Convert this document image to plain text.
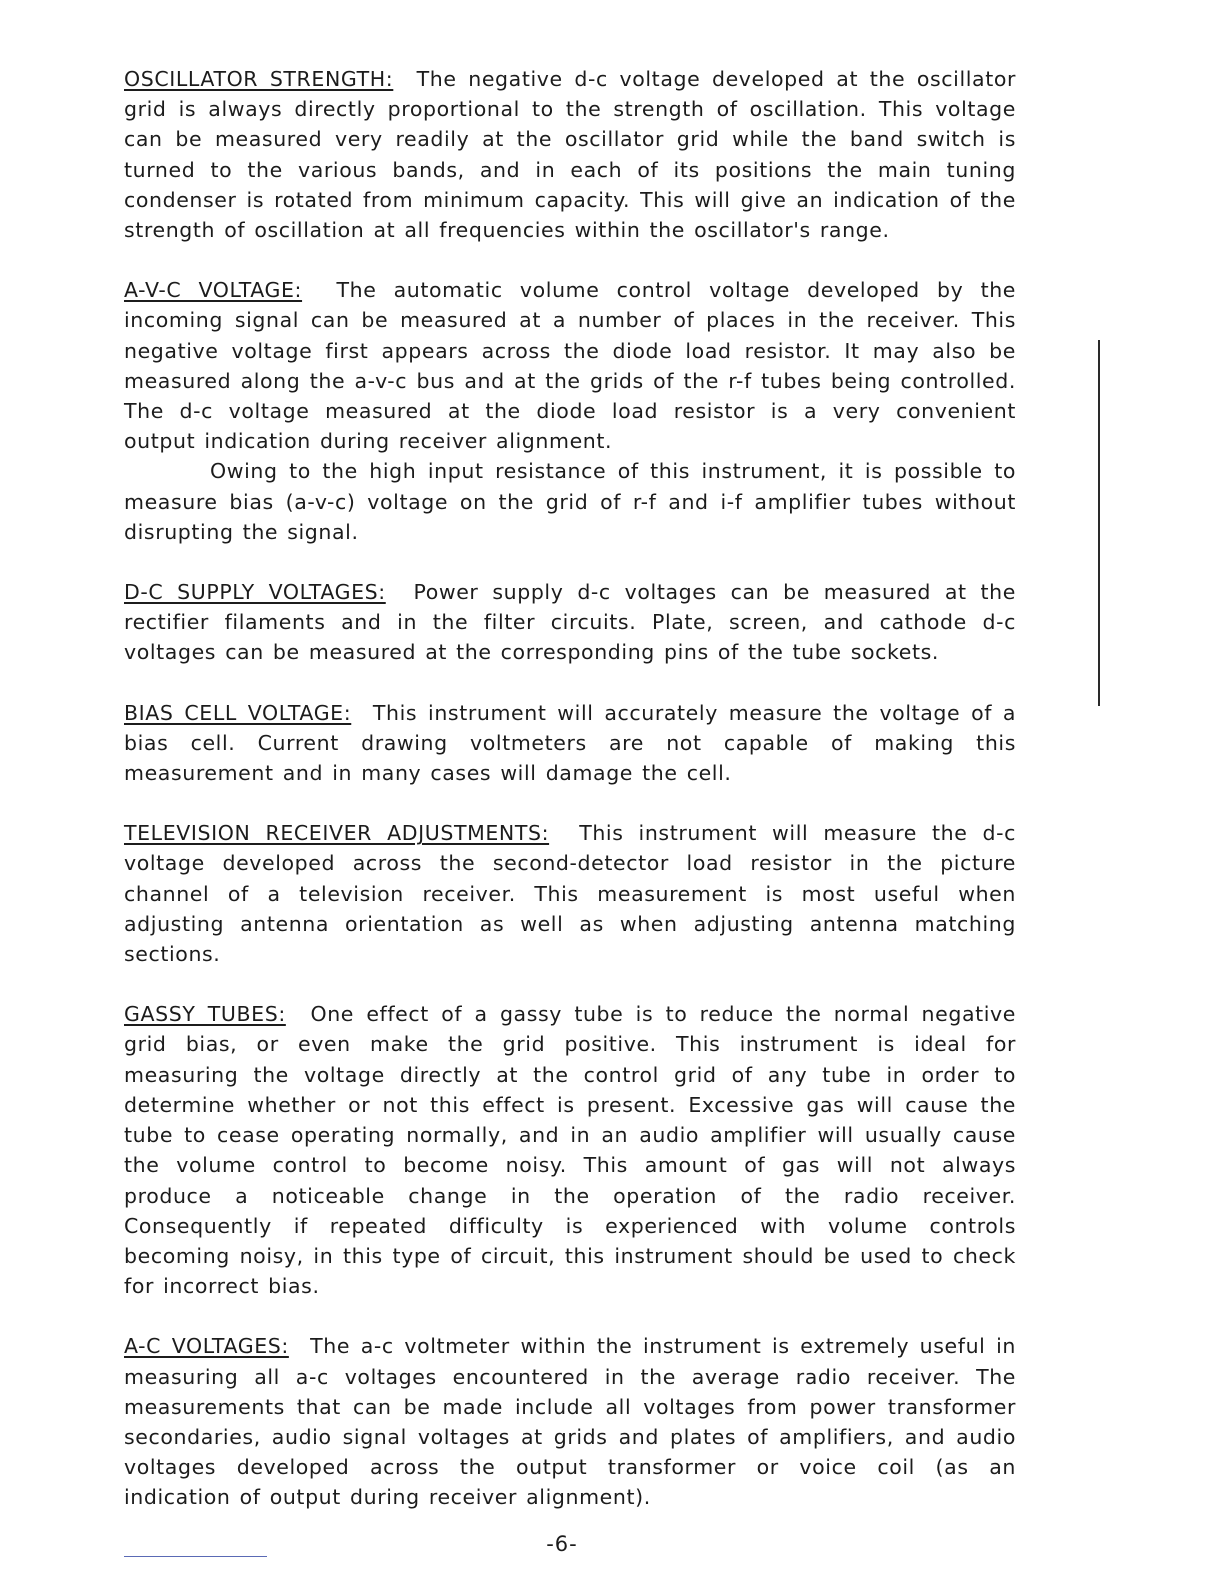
OSCILLATOR STRENGTH: The negative d-c voltage developed at the oscillator grid is always directly proportional to the strength of oscillation. This voltage can be measured very readily at the oscillator grid while the band switch is turned to the various bands, and in each of its positions the main tuning condenser is rotated from minimum capacity. This will give an indication of the strength of oscillation at all frequencies within the oscillator's range.

A-V-C VOLTAGE: The automatic volume control voltage developed by the incoming signal can be measured at a number of places in the receiver. This negative voltage first appears across the diode load resistor. It may also be measured along the a-v-c bus and at the grids of the r-f tubes being controlled. The d-c voltage measured at the diode load resistor is a very convenient output indication during receiver alignment.

Owing to the high input resistance of this instrument, it is possible to measure bias (a-v-c) voltage on the grid of r-f and i-f amplifier tubes without disrupting the signal.

D-C SUPPLY VOLTAGES: Power supply d-c voltages can be measured at the rectifier filaments and in the filter circuits. Plate, screen, and cathode d-c voltages can be measured at the corresponding pins of the tube sockets.

BIAS CELL VOLTAGE: This instrument will accurately measure the voltage of a bias cell. Current drawing voltmeters are not capable of making this measurement and in many cases will damage the cell.

TELEVISION RECEIVER ADJUSTMENTS: This instrument will measure the d-c voltage developed across the second-detector load resistor in the picture channel of a television receiver. This measurement is most useful when adjusting antenna orientation as well as when adjusting antenna matching sections.

GASSY TUBES: One effect of a gassy tube is to reduce the normal negative grid bias, or even make the grid positive. This instrument is ideal for measuring the voltage directly at the control grid of any tube in order to determine whether or not this effect is present. Excessive gas will cause the tube to cease operating normally, and in an audio amplifier will usually cause the volume control to become noisy. This amount of gas will not always produce a noticeable change in the operation of the radio receiver. Consequently if repeated difficulty is experienced with volume controls becoming noisy, in this type of circuit, this instrument should be used to check for incorrect bias.

A-C VOLTAGES: The a-c voltmeter within the instrument is extremely useful in measuring all a-c voltages encountered in the average radio receiver. The measurements that can be made include all voltages from power transformer secondaries, audio signal voltages at grids and plates of amplifiers, and audio voltages developed across the output transformer or voice coil (as an indication of output during receiver alignment).

-6-
